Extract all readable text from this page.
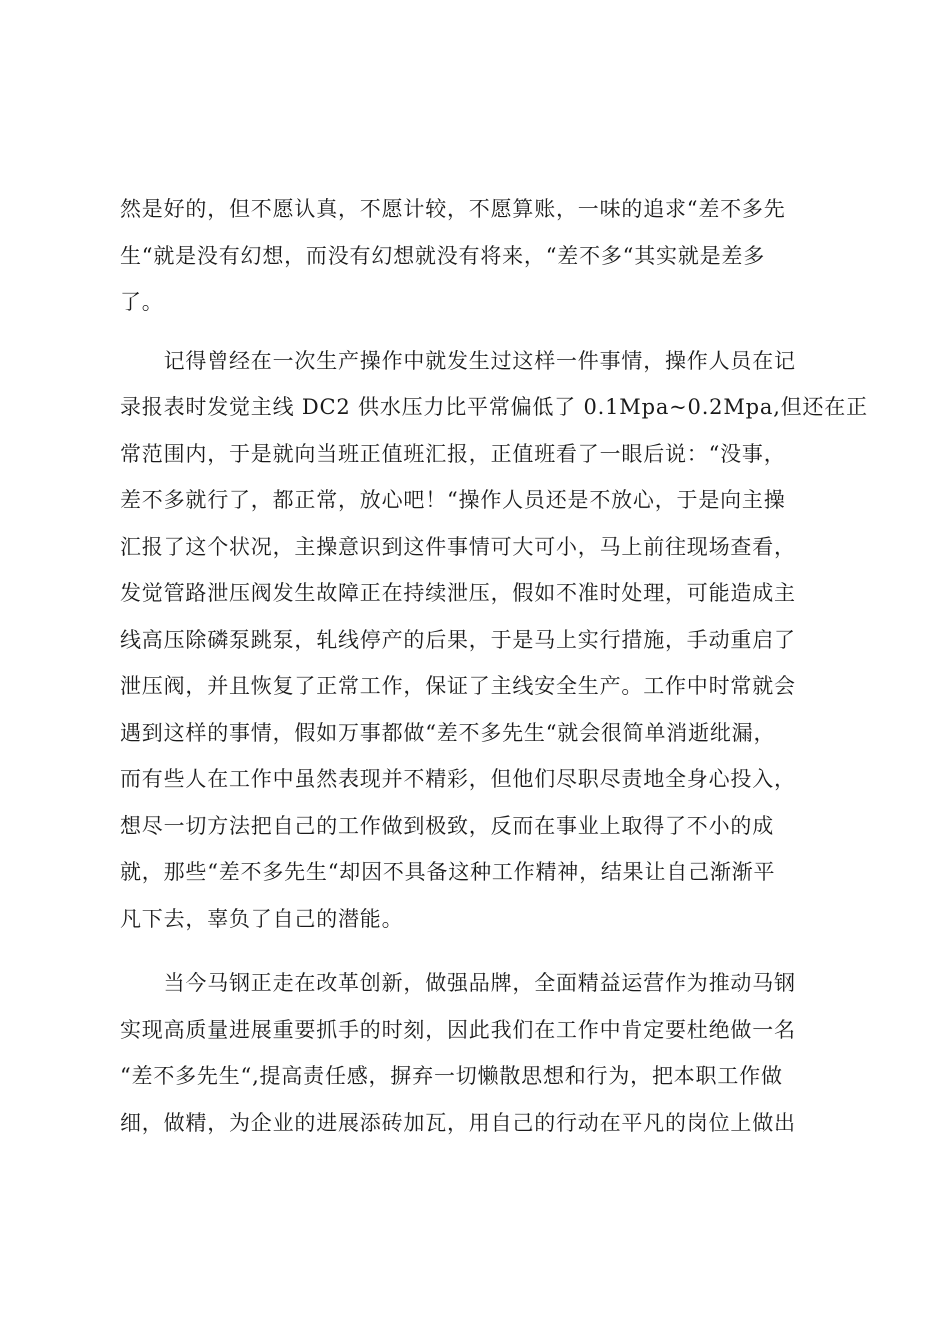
然是好的，但不愿认真，不愿计较，不愿算账，一味的追求“差不多先
生“就是没有幻想，而没有幻想就没有将来，“差不多“其实就是差多
了。

　　记得曾经在一次生产操作中就发生过这样一件事情，操作人员在记
录报表时发觉主线 DC2 供水压力比平常偏低了 0.1Mpa~0.2Mpa,但还在正
常范围内，于是就向当班正值班汇报，正值班看了一眼后说：“没事，
差不多就行了，都正常，放心吧！“操作人员还是不放心，于是向主操
汇报了这个状况，主操意识到这件事情可大可小，马上前往现场查看，
发觉管路泄压阀发生故障正在持续泄压，假如不准时处理，可能造成主
线高压除磷泵跳泵，轧线停产的后果，于是马上实行措施，手动重启了
泄压阀，并且恢复了正常工作，保证了主线安全生产。工作中时常就会
遇到这样的事情，假如万事都做“差不多先生“就会很简单消逝纰漏，
而有些人在工作中虽然表现并不精彩，但他们尽职尽责地全身心投入，
想尽一切方法把自己的工作做到极致，反而在事业上取得了不小的成
就，那些“差不多先生“却因不具备这种工作精神，结果让自己渐渐平
凡下去，辜负了自己的潜能。

　　当今马钢正走在改革创新，做强品牌，全面精益运营作为推动马钢
实现高质量进展重要抓手的时刻，因此我们在工作中肯定要杜绝做一名
“差不多先生“,提高责任感，摒弃一切懒散思想和行为，把本职工作做
细，做精，为企业的进展添砖加瓦，用自己的行动在平凡的岗位上做出
